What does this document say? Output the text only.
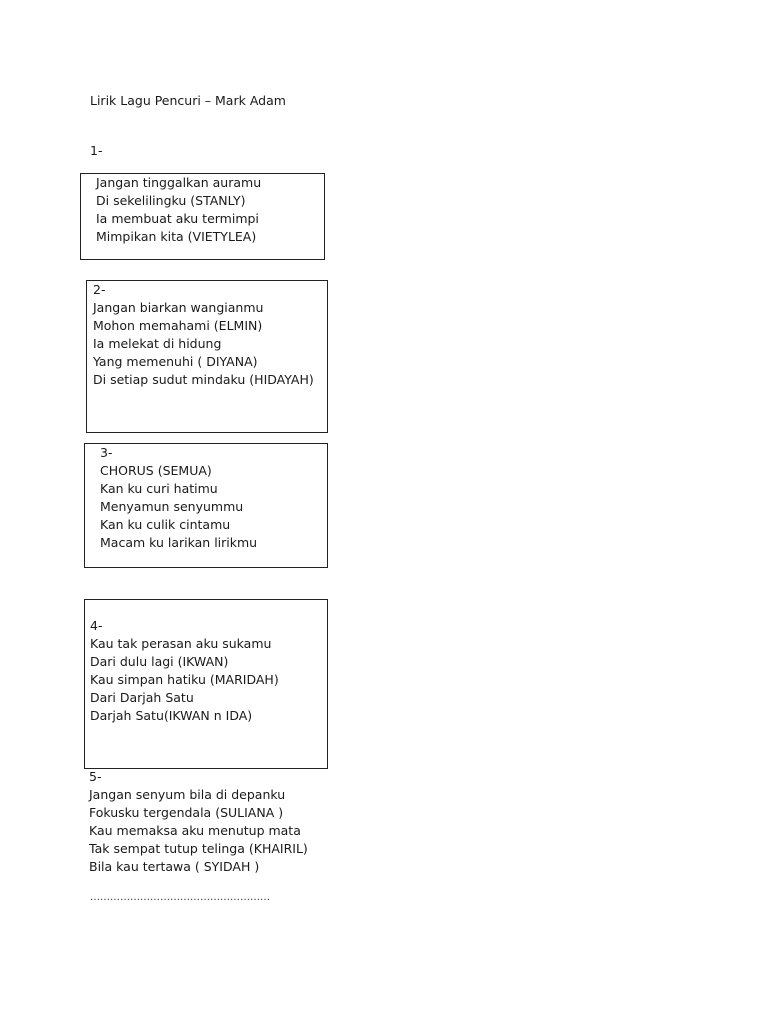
Lirik Lagu Pencuri – Mark Adam
1-
Jangan tinggalkan auramu
Di sekelilingku (STANLY)
Ia membuat aku termimpi
Mimpikan kita (VIETYLEA)
2-
Jangan biarkan wangianmu
Mohon memahami (ELMIN)
Ia melekat di hidung
Yang memenuhi ( DIYANA)
Di setiap sudut mindaku (HIDAYAH)
3-
CHORUS (SEMUA)
Kan ku curi hatimu
Menyamun senyummu
Kan ku culik cintamu
Macam ku larikan lirikmu
4-
Kau tak perasan aku sukamu
Dari dulu lagi (IKWAN)
Kau simpan hatiku (MARIDAH)
Dari Darjah Satu
Darjah Satu(IKWAN n IDA)
5-
Jangan senyum bila di depanku
Fokusku tergendala (SULIANA )
Kau memaksa aku menutup mata
Tak sempat tutup telinga (KHAIRIL)
Bila kau tertawa ( SYIDAH )
………………………………………………
